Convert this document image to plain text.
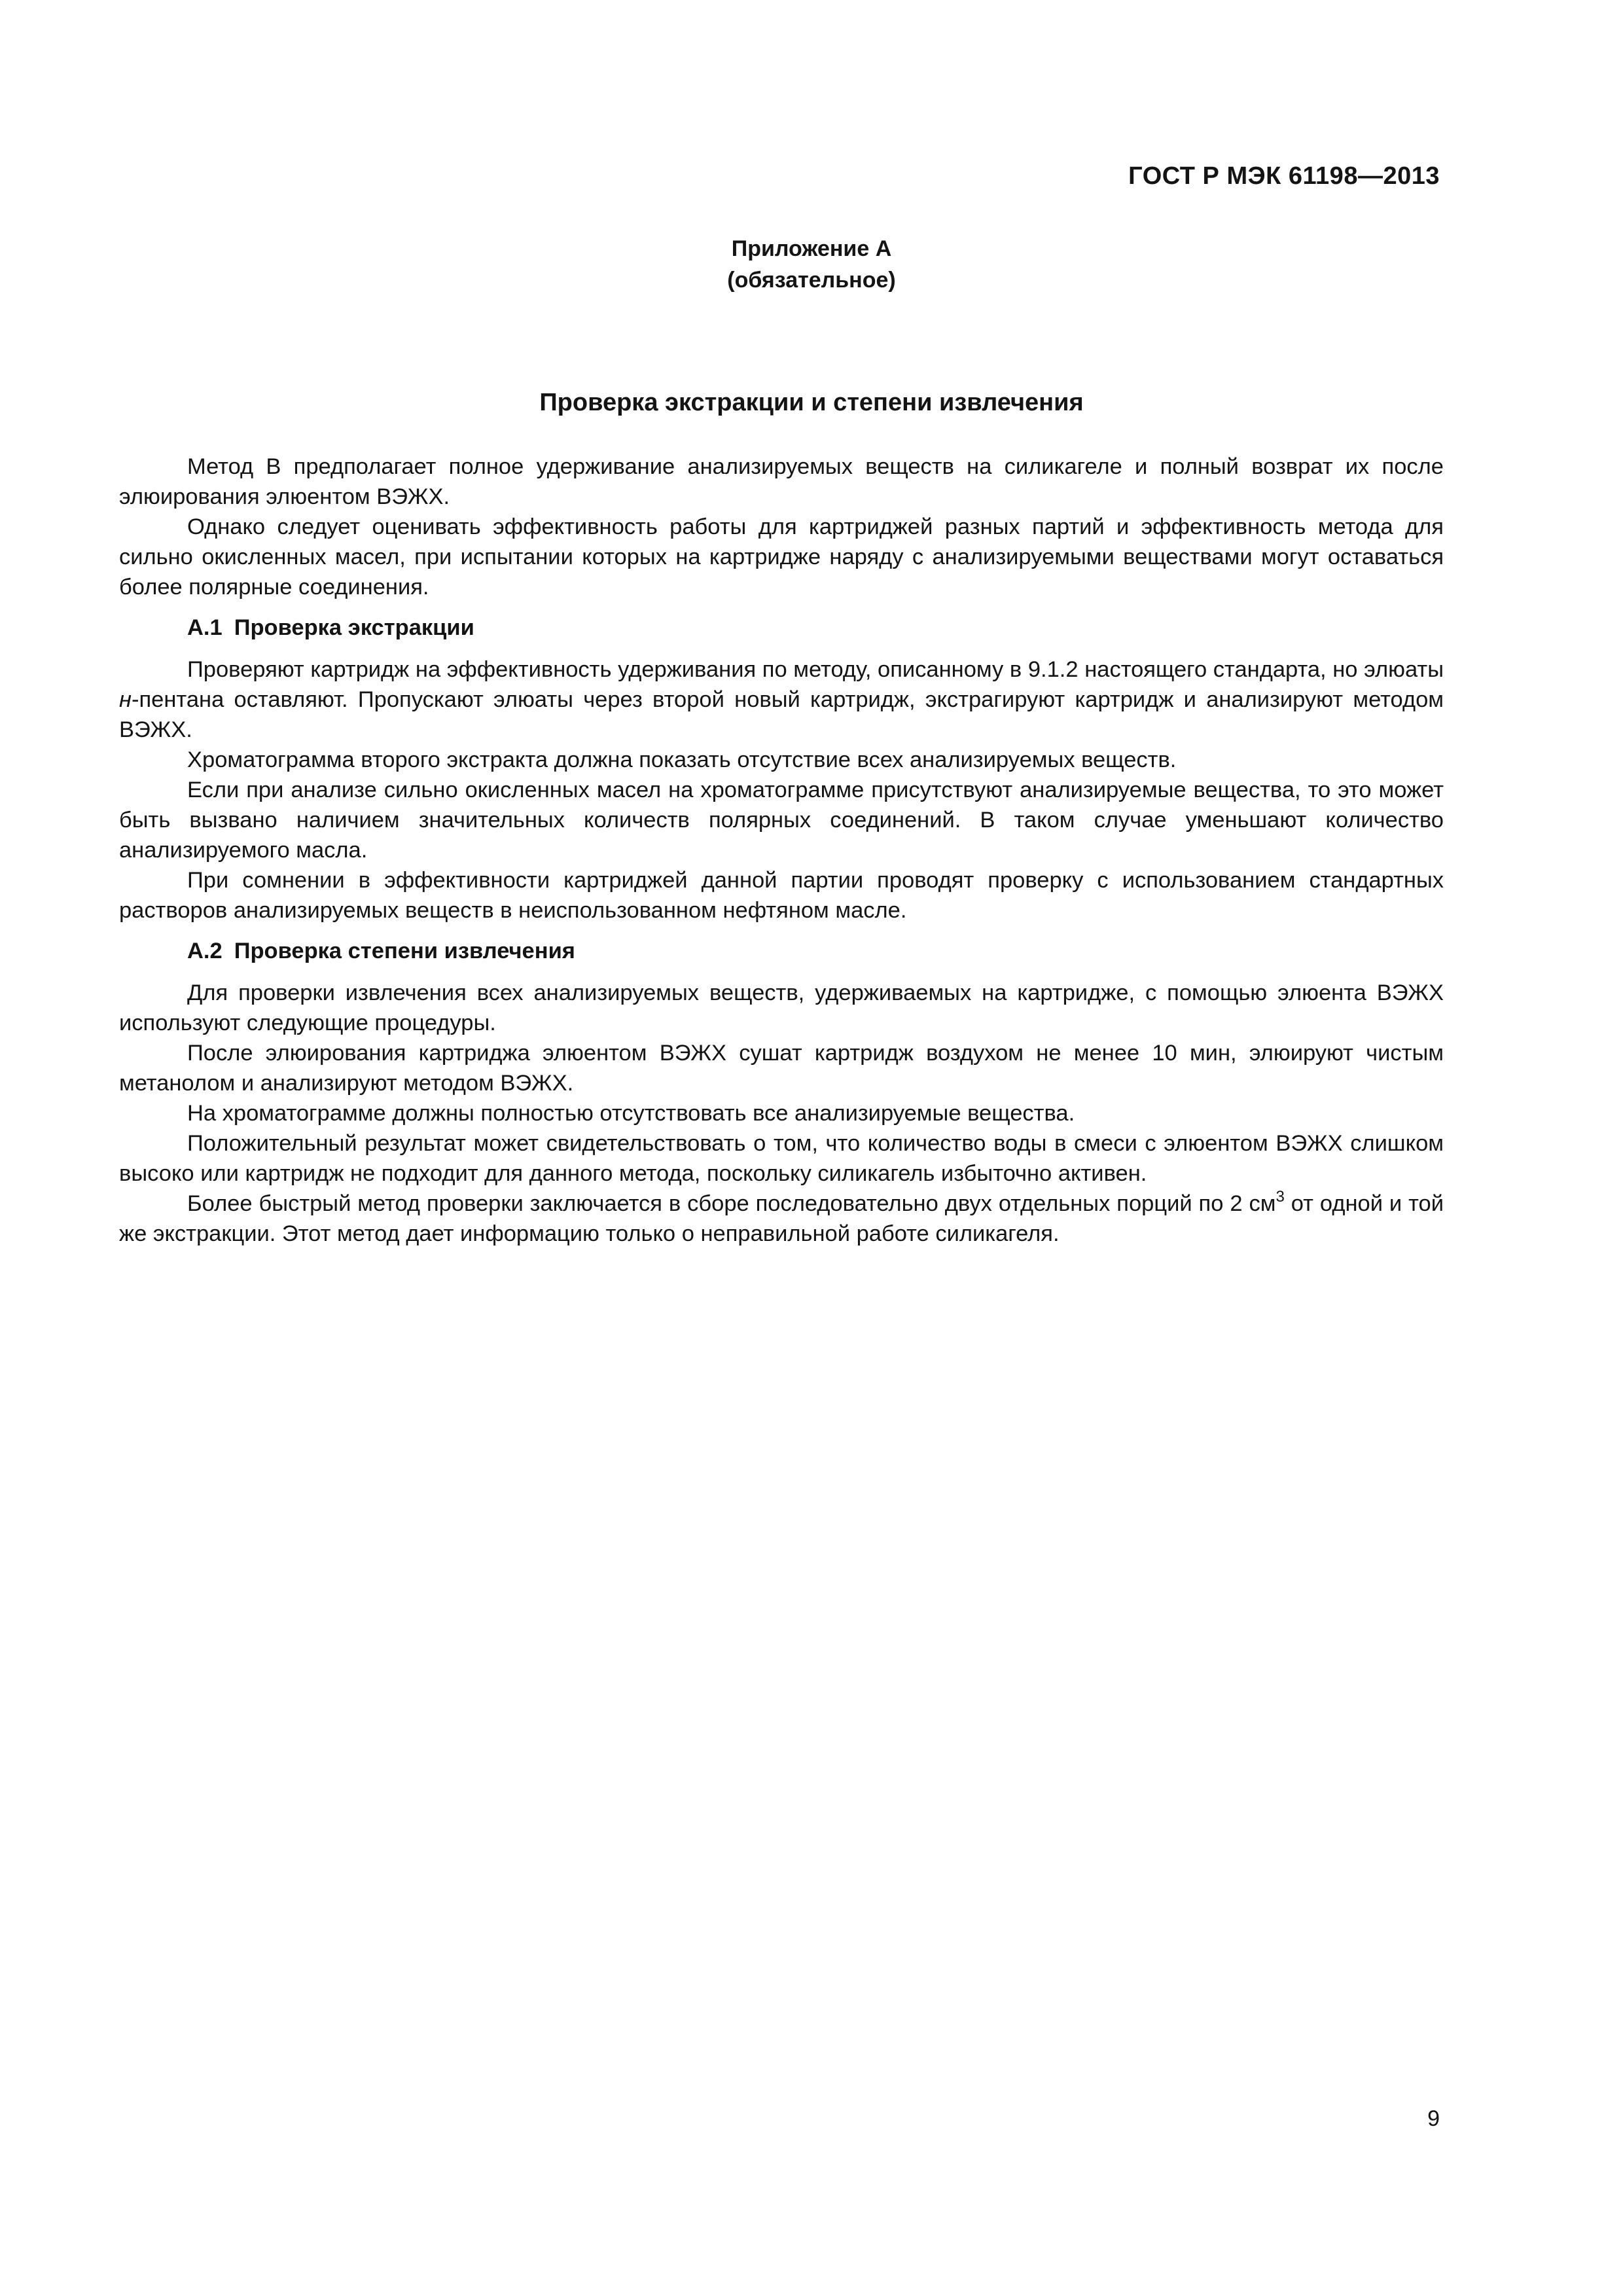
ГОСТ Р МЭК 61198—2013
Приложение А
(обязательное)
Проверка экстракции и степени извлечения

Метод В предполагает полное удерживание анализируемых веществ на силикагеле и полный возврат их после элюирования элюентом ВЭЖХ.

Однако следует оценивать эффективность работы для картриджей разных партий и эффективность метода для сильно окисленных масел, при испытании которых на картридже наряду с анализируемыми веществами могут оставаться более полярные соединения.

А.1 Проверка экстракции

Проверяют картридж на эффективность удерживания по методу, описанному в 9.1.2 настоящего стандарта, но элюаты н-пентана оставляют. Пропускают элюаты через второй новый картридж, экстрагируют картридж и анализируют методом ВЭЖХ.

Хроматограмма второго экстракта должна показать отсутствие всех анализируемых веществ.

Если при анализе сильно окисленных масел на хроматограмме присутствуют анализируемые вещества, то это может быть вызвано наличием значительных количеств полярных соединений. В таком случае уменьшают количество анализируемого масла.

При сомнении в эффективности картриджей данной партии проводят проверку с использованием стандартных растворов анализируемых веществ в неиспользованном нефтяном масле.

А.2 Проверка степени извлечения

Для проверки извлечения всех анализируемых веществ, удерживаемых на картридже, с помощью элюента ВЭЖХ используют следующие процедуры.

После элюирования картриджа элюентом ВЭЖХ сушат картридж воздухом не менее 10 мин, элюируют чистым метанолом и анализируют методом ВЭЖХ.

На хроматограмме должны полностью отсутствовать все анализируемые вещества.

Положительный результат может свидетельствовать о том, что количество воды в смеси с элюентом ВЭЖХ слишком высоко или картридж не подходит для данного метода, поскольку силикагель избыточно активен.

Более быстрый метод проверки заключается в сборе последовательно двух отдельных порций по 2 $см^3$ от одной и той же экстракции. Этот метод дает информацию только о неправильной работе силикагеля.

9
